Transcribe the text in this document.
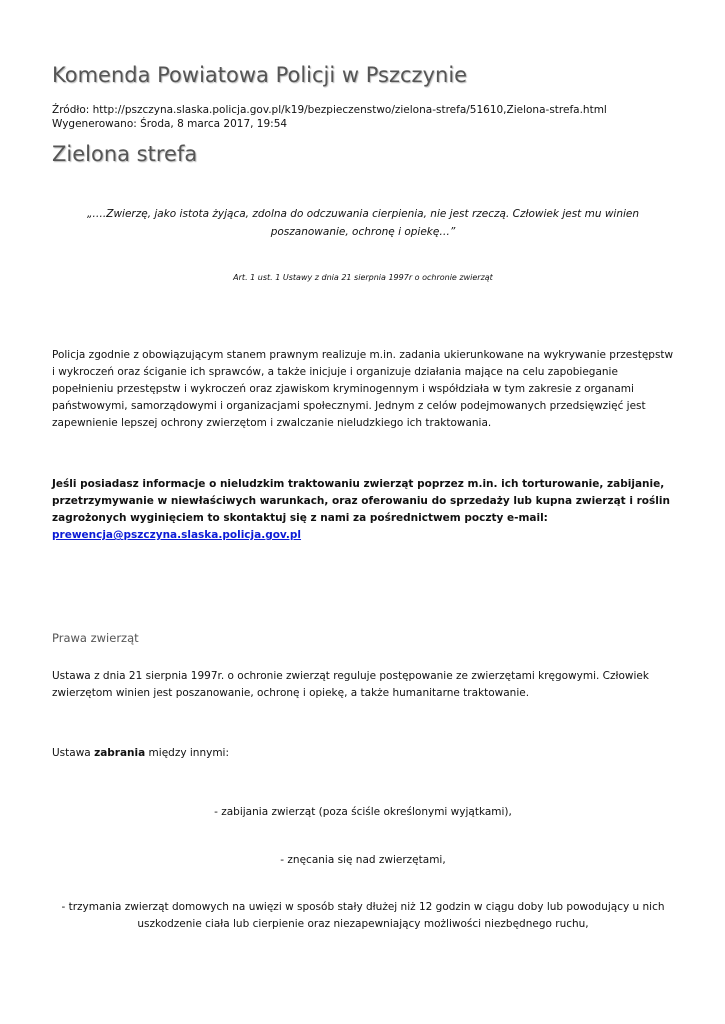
Komenda Powiatowa Policji w Pszczynie
Źródło: http://pszczyna.slaska.policja.gov.pl/k19/bezpieczenstwo/zielona-strefa/51610,Zielona-strefa.html
Wygenerowano: Środa, 8 marca 2017, 19:54
Zielona strefa
„….Zwierzę, jako istota żyjąca, zdolna do odczuwania cierpienia, nie jest rzeczą. Człowiek jest mu winien poszanowanie, ochronę i opiekę…”
Art. 1 ust. 1 Ustawy z dnia 21 sierpnia 1997r o ochronie zwierząt
Policja zgodnie z obowiązującym stanem prawnym realizuje m.in. zadania ukierunkowane na wykrywanie przestępstw i wykroczeń oraz ściganie ich sprawców, a także inicjuje i organizuje działania mające na celu zapobieganie popełnieniu przestępstw i wykroczeń oraz zjawiskom kryminogennym i współdziała w tym zakresie z organami państwowymi, samorządowymi i organizacjami społecznymi. Jednym z celów podejmowanych przedsięwzięć jest zapewnienie lepszej ochrony zwierzętom i zwalczanie nieludzkiego ich traktowania.
Jeśli posiadasz informacje o nieludzkim traktowaniu zwierząt poprzez m.in. ich torturowanie, zabijanie, przetrzymywanie w niewłaściwych warunkach, oraz oferowaniu do sprzedaży lub kupna zwierząt i roślin zagrożonych wyginięciem to skontaktuj się z nami za pośrednictwem poczty e-mail: prewencja@pszczyna.slaska.policja.gov.pl
Prawa zwierząt
Ustawa z dnia 21 sierpnia 1997r. o ochronie zwierząt reguluje postępowanie ze zwierzętami kręgowymi. Człowiek zwierzętom winien jest poszanowanie, ochronę i opiekę, a także humanitarne traktowanie.
Ustawa zabrania między innymi:
- zabijania zwierząt (poza ściśle określonymi wyjątkami),
- znęcania się nad zwierzętami,
- trzymania zwierząt domowych na uwięzi w sposób stały dłużej niż 12 godzin w ciągu doby lub powodujący u nich uszkodzenie ciała lub cierpienie oraz niezapewniający możliwości niezbędnego ruchu,
